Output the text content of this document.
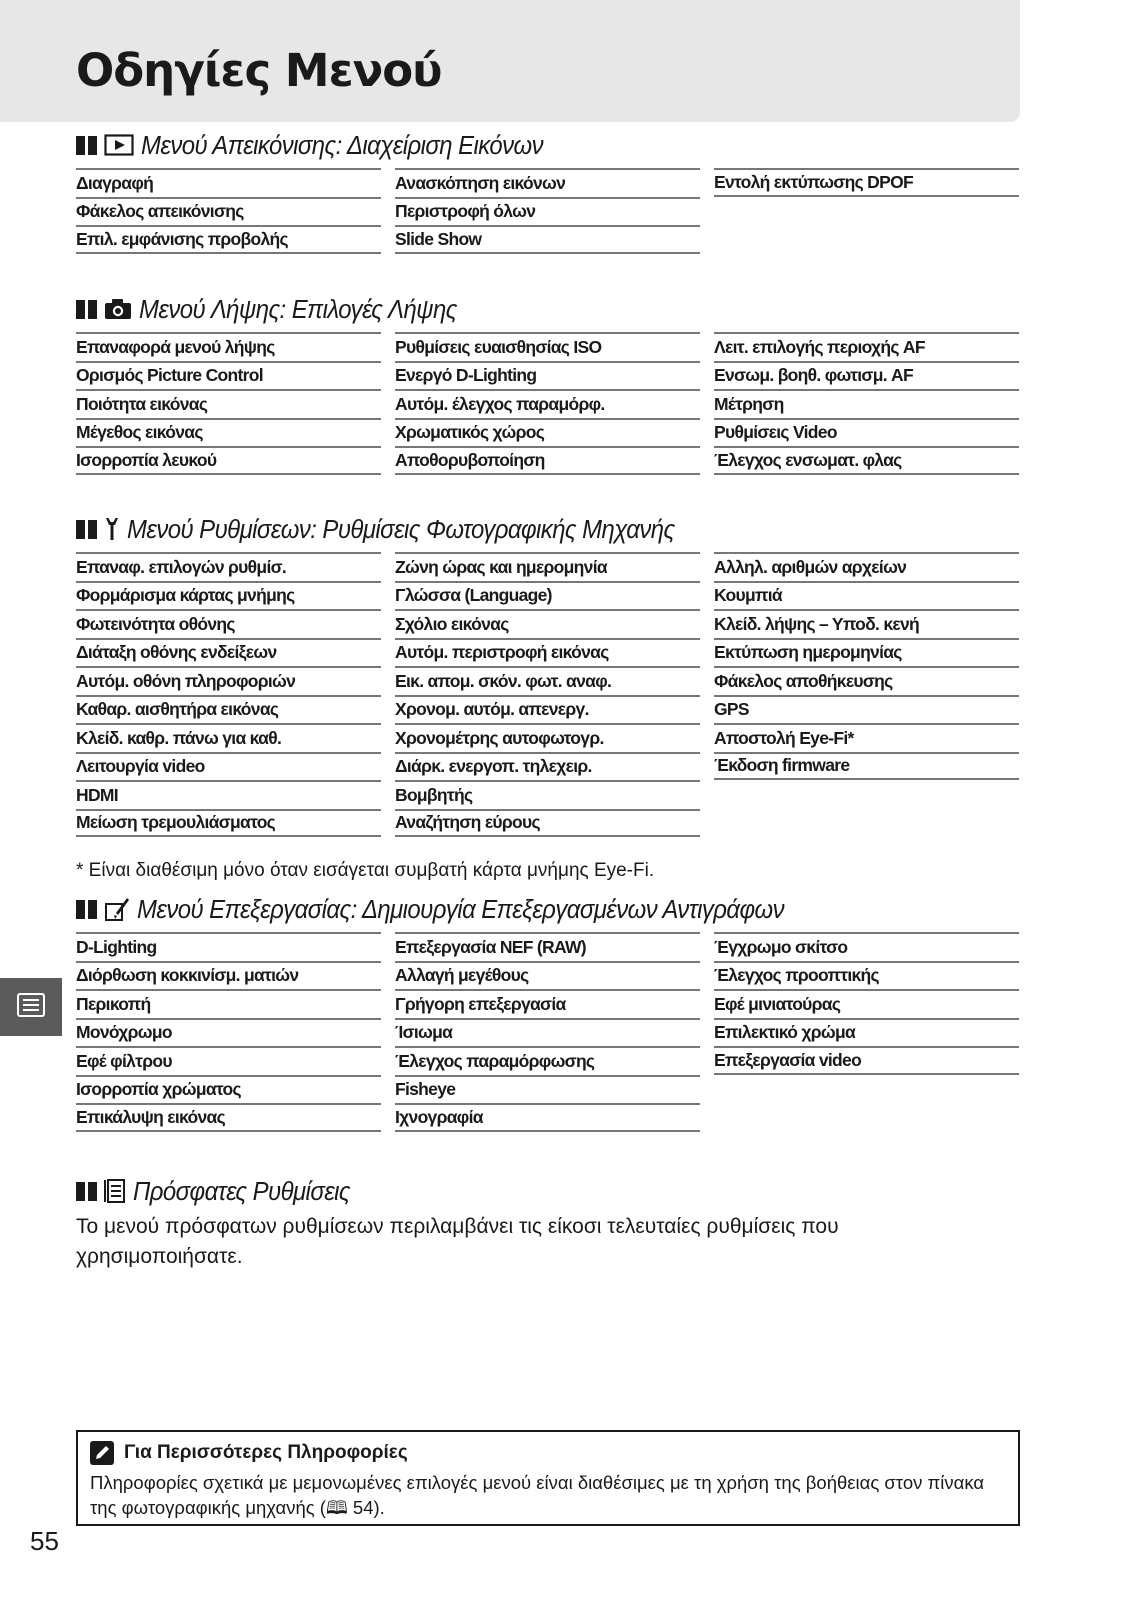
Οδηγίες Μενού
Μενού Απεικόνισης: Διαχείριση Εικόνων
Διαγραφή
Φάκελος απεικόνισης
Επιλ. εμφάνισης προβολής
Ανασκόπηση εικόνων
Περιστροφή όλων
Slide Show
Εντολή εκτύπωσης DPOF
Μενού Λήψης: Επιλογές Λήψης
Επαναφορά μενού λήψης
Ορισμός Picture Control
Ποιότητα εικόνας
Μέγεθος εικόνας
Ισορροπία λευκού
Ρυθμίσεις ευαισθησίας ISO
Ενεργό D-Lighting
Αυτόμ. έλεγχος παραμόρφ.
Χρωματικός χώρος
Αποθορυβοποίηση
Λειτ. επιλογής περιοχής AF
Ενσωμ. βοηθ. φωτισμ. AF
Μέτρηση
Ρυθμίσεις Video
Έλεγχος ενσωματ. φλας
Μενού Ρυθμίσεων: Ρυθμίσεις Φωτογραφικής Μηχανής
Επαναφ. επιλογών ρυθμίσ.
Φορμάρισμα κάρτας μνήμης
Φωτεινότητα οθόνης
Διάταξη οθόνης ενδείξεων
Αυτόμ. οθόνη πληροφοριών
Καθαρ. αισθητήρα εικόνας
Κλείδ. καθρ. πάνω για καθ.
Λειτουργία video
HDMI
Μείωση τρεμουλιάσματος
Ζώνη ώρας και ημερομηνία
Γλώσσα (Language)
Σχόλιο εικόνας
Αυτόμ. περιστροφή εικόνας
Εικ. απομ. σκόν. φωτ. αναφ.
Χρονομ. αυτόμ. απενεργ.
Χρονομέτρης αυτοφωτογρ.
Διάρκ. ενεργοπ. τηλεχειρ.
Βομβητής
Αναζήτηση εύρους
Αλληλ. αριθμών αρχείων
Κουμπιά
Κλείδ. λήψης – Υποδ. κενή
Εκτύπωση ημερομηνίας
Φάκελος αποθήκευσης
GPS
Αποστολή Eye-Fi*
Έκδοση firmware
* Είναι διαθέσιμη μόνο όταν εισάγεται συμβατή κάρτα μνήμης Eye-Fi.
Μενού Επεξεργασίας: Δημιουργία Επεξεργασμένων Αντιγράφων
D-Lighting
Διόρθωση κοκκινίσμ. ματιών
Περικοπή
Μονόχρωμο
Εφέ φίλτρου
Ισορροπία χρώματος
Επικάλυψη εικόνας
Επεξεργασία NEF (RAW)
Αλλαγή μεγέθους
Γρήγορη επεξεργασία
Ίσιωμα
Έλεγχος παραμόρφωσης
Fisheye
Ιχνογραφία
Έγχρωμο σκίτσο
Έλεγχος προοπτικής
Εφέ μινιατούρας
Επιλεκτικό χρώμα
Επεξεργασία video
Πρόσφατες Ρυθμίσεις
Το μενού πρόσφατων ρυθμίσεων περιλαμβάνει τις είκοσι τελευταίες ρυθμίσεις που χρησιμοποιήσατε.
Για Περισσότερες Πληροφορίες
Πληροφορίες σχετικά με μεμονωμένες επιλογές μενού είναι διαθέσιμες με τη χρήση της βοήθειας στον πίνακα της φωτογραφικής μηχανής (🕮 54).
55
